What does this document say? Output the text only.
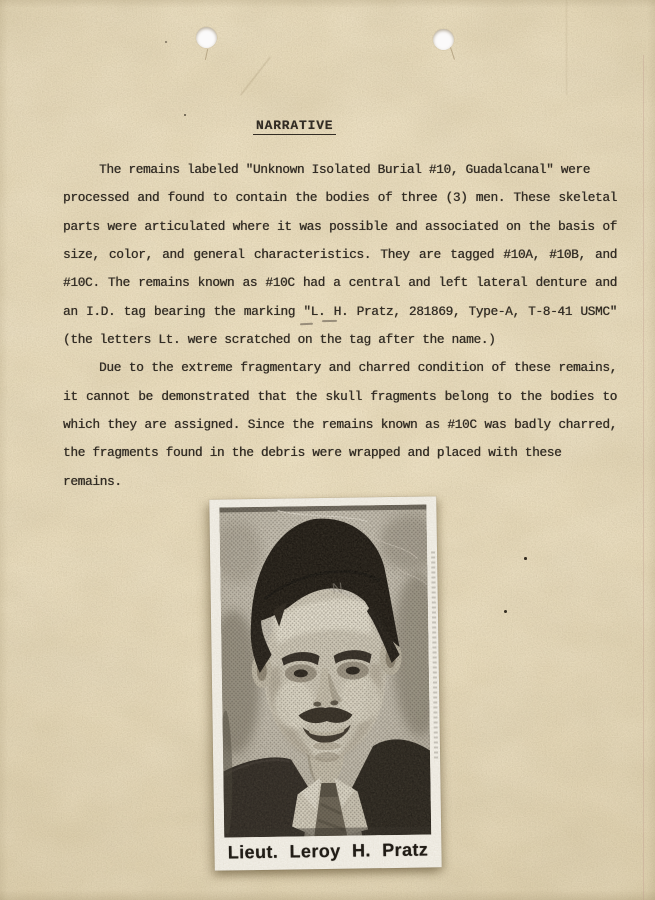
NARRATIVE
The remains labeled "Unknown Isolated Burial #10, Guadalcanal" were
processed and found to contain the bodies of three (3) men. These skeletal
parts were articulated where it was possible and associated on the basis of
size, color, and general characteristics. They are tagged #10A, #10B, and
#10C. The remains known as #10C had a central and left lateral denture and
an I.D. tag bearing the marking "L. H. Pratz, 281869, Type-A, T-8-41 USMC"
(the letters Lt. were scratched on the tag after the name.)
Due to the extreme fragmentary and charred condition of these remains,
it cannot be demonstrated that the skull fragments belong to the bodies to
which they are assigned. Since the remains known as #10C was badly charred,
the fragments found in the debris were wrapped and placed with these remains.
Lieut. Leroy H. Pratz
